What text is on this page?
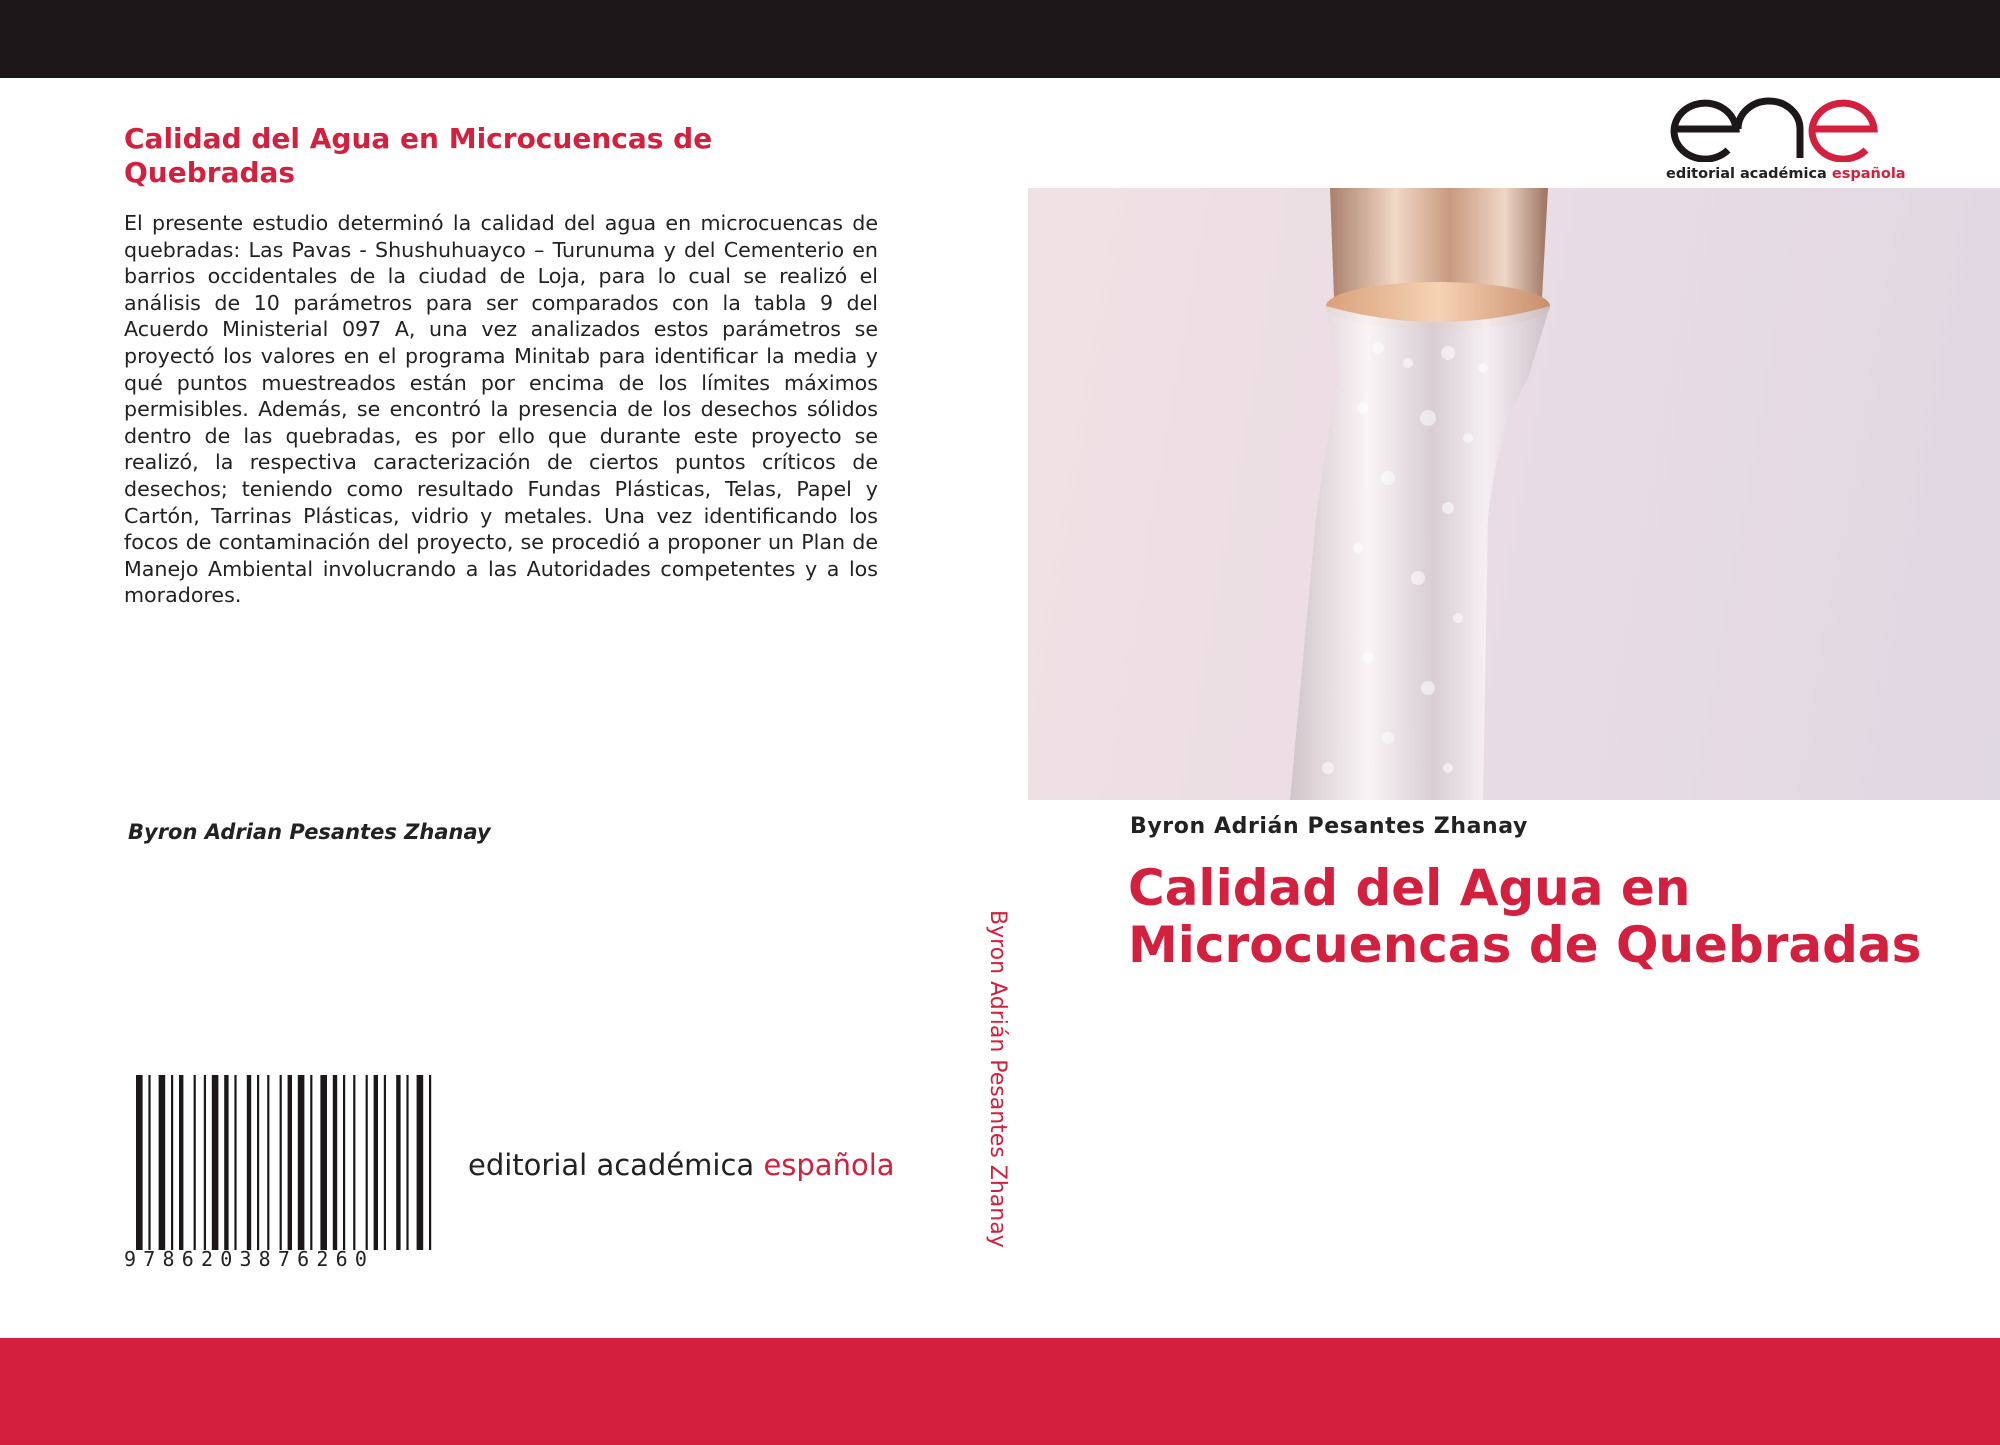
Calidad del Agua en Microcuencas de Quebradas

El presente estudio determinó la calidad del agua en microcuencas de quebradas: Las Pavas - Shushuhuayco – Turunuma y del Cementerio en barrios occidentales de la ciudad de Loja, para lo cual se realizó el análisis de 10 parámetros para ser comparados con la tabla 9 del Acuerdo Ministerial 097 A, una vez analizados estos parámetros se proyectó los valores en el programa Minitab para identificar la media y qué puntos muestreados están por encima de los límites máximos permisibles. Además, se encontró la presencia de los desechos sólidos dentro de las quebradas, es por ello que durante este proyecto se realizó, la respectiva caracterización de ciertos puntos críticos de desechos; teniendo como resultado Fundas Plásticas, Telas, Papel y Cartón, Tarrinas Plásticas, vidrio y metales. Una vez identificando los focos de contaminación del proyecto, se procedió a proponer un Plan de Manejo Ambiental involucrando a las Autoridades competentes y a los moradores.

Byron Adrian Pesantes Zhanay
9786203876260
editorial académica española	Byron Adrián Pesantes Zhanay
editorial académica española
Byron Adrián Pesantes Zhanay
Calidad del Agua en Microcuencas de Quebradas
